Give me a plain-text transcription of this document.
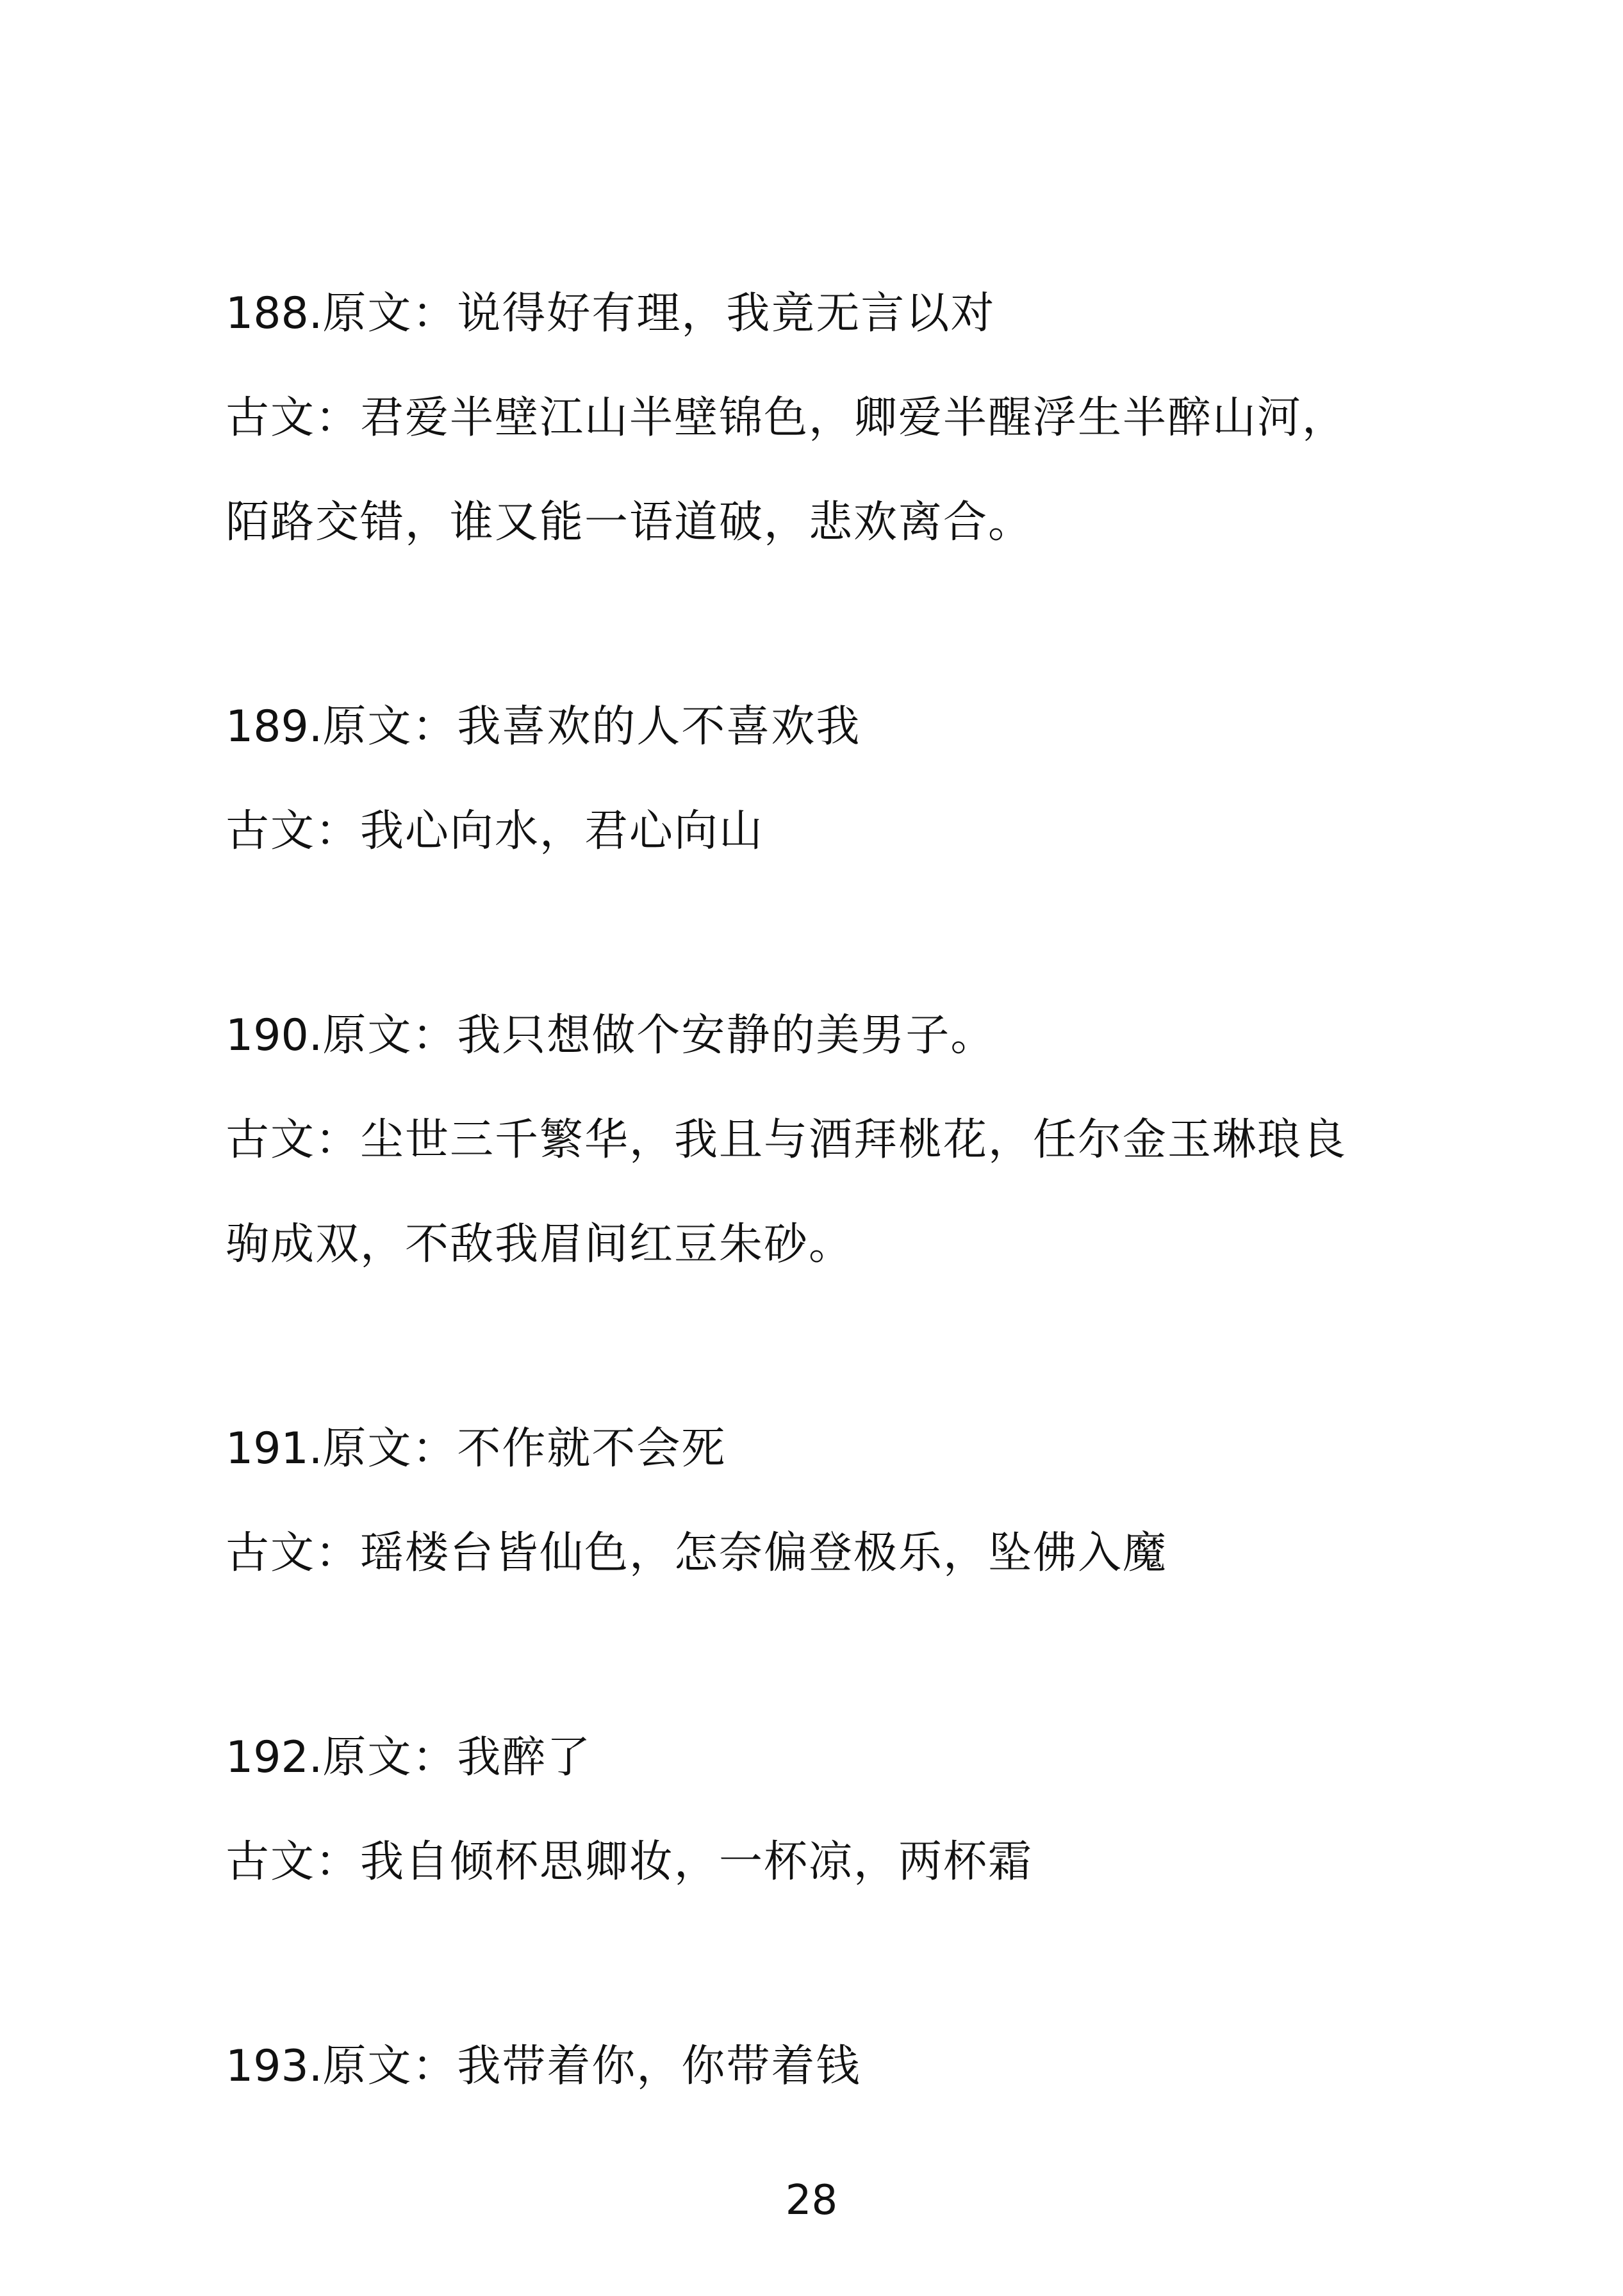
188.原文：说得好有理，我竟无言以对
古文：君爱半壁江山半壁锦色，卿爱半醒浮生半醉山河，
陌路交错，谁又能一语道破，悲欢离合。
189.原文：我喜欢的人不喜欢我
古文：我心向水，君心向山
190.原文：我只想做个安静的美男子。
古文：尘世三千繁华，我且与酒拜桃花，任尔金玉琳琅良
驹成双，不敌我眉间红豆朱砂。
191.原文：不作就不会死
古文：瑶楼台皆仙色，怎奈偏登极乐，坠佛入魔
192.原文：我醉了
古文：我自倾杯思卿妆，一杯凉，两杯霜
193.原文：我带着你，你带着钱
28
